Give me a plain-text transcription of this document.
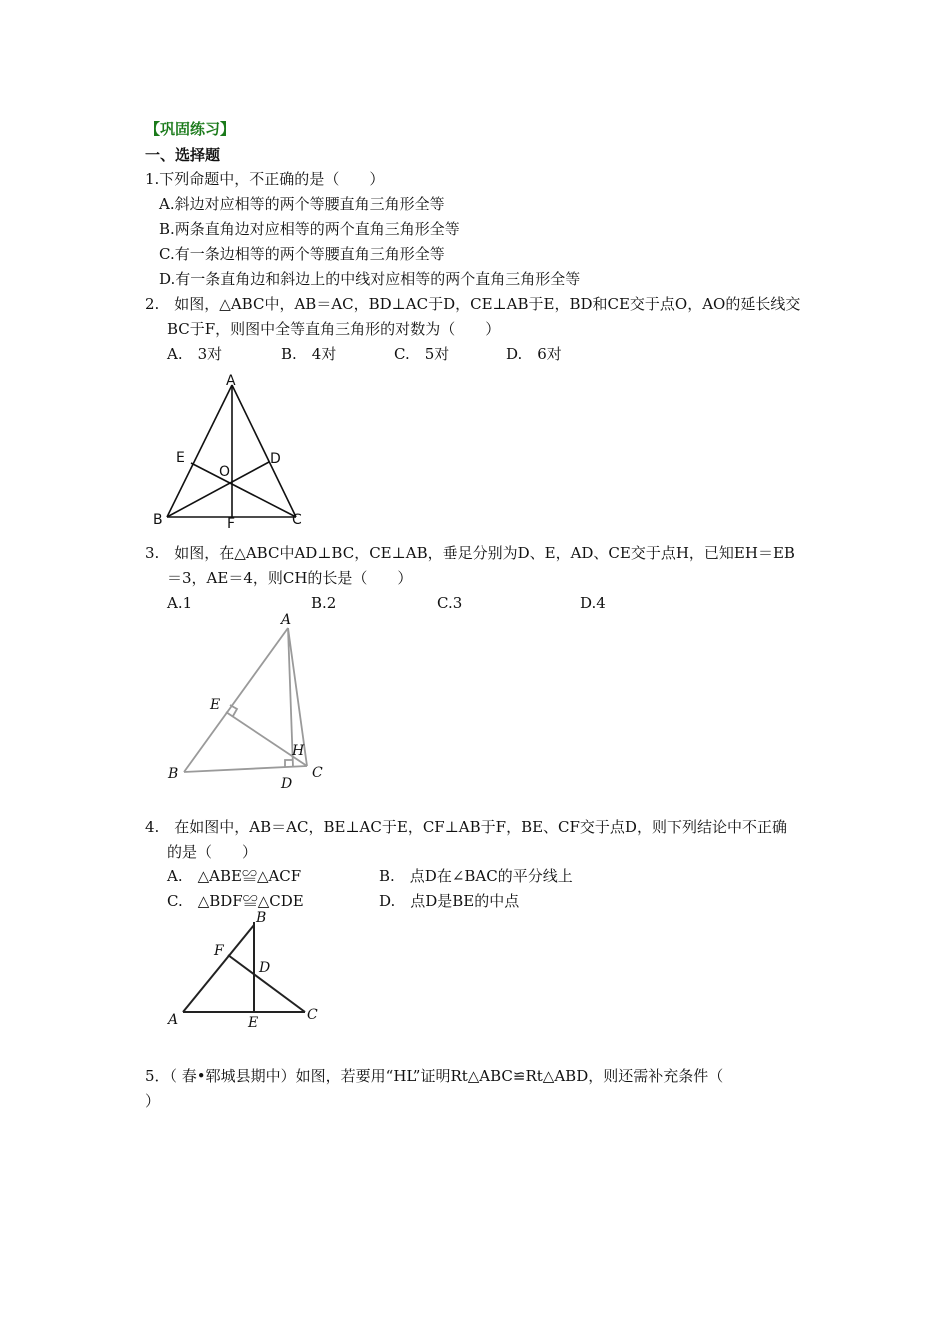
【巩固练习】
一、选择题
1.下列命题中，不正确的是（　　）
A.斜边对应相等的两个等腰直角三角形全等
B.两条直角边对应相等的两个直角三角形全等
C.有一条边相等的两个等腰直角三角形全等
D.有一条直角边和斜边上的中线对应相等的两个直角三角形全等
2.　如图，△ABC中，AB＝AC，BD⊥AC于D，CE⊥AB于E，BD和CE交于点O，AO的延长线交
BC于F，则图中全等直角三角形的对数为（　　）
A.　3对	B.　4对	C.　5对	D.　6对
A
B	C
D
E
F
O
3.　如图，在△ABC中AD⊥BC，CE⊥AB，垂足分别为D、E，AD、CE交于点H，已知EH＝EB
＝3，AE＝4，则CH的长是（　　）
A.1	B.2	C.3	D.4
A
B	C
D
E
H
4.　在如图中，AB＝AC，BE⊥AC于E，CF⊥AB于F，BE、CF交于点D，则下列结论中不正确
的是（　　）
A.　△ABE≌△ACF	B.　点D在∠BAC的平分线上
C.　△BDF≌△CDE	D.　点D是BE的中点
A
B
C
D
E
F
5．（ 春•郓城县期中）如图，若要用“HL”证明Rt△ABC≌Rt△ABD，则还需补充条件（
）
